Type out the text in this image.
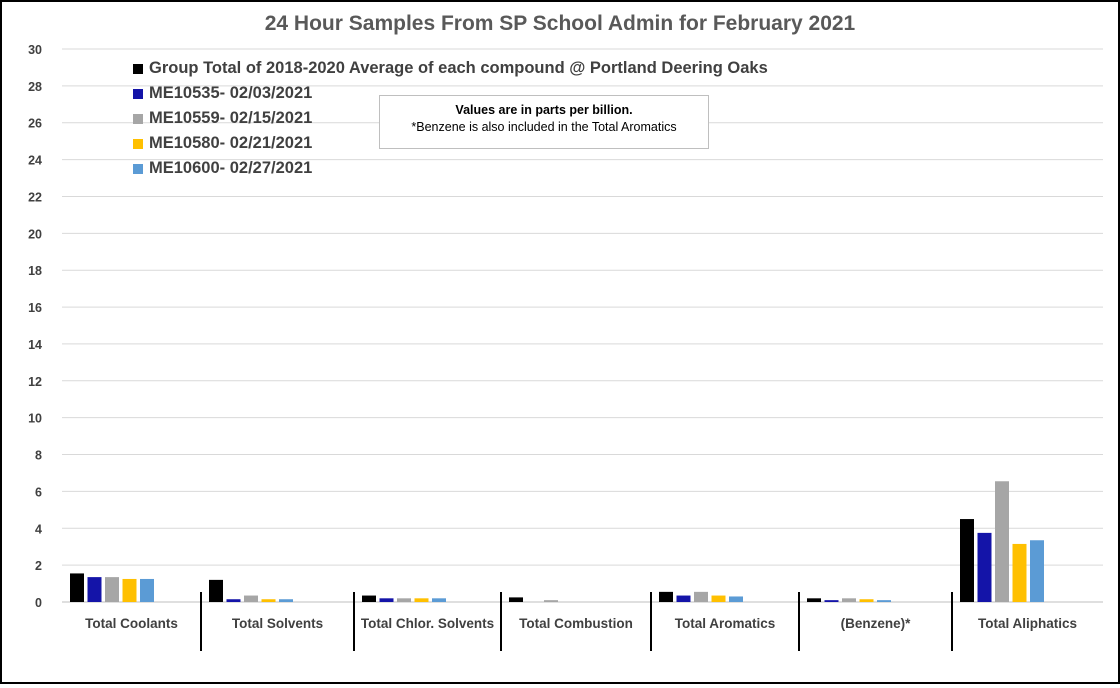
24 Hour Samples From SP School Admin for February 2021
0
2
4
6
8
10
12
14
16
18
20
22
24
26
28
30
Total Coolants	Total Solvents	Total Chlor. Solvents Total Combustion	Total Aromatics	(Benzene)*	Total Aliphatics
Group Total of 2018-2020 Average of each compound @ Portland Deering Oaks
ME10535- 02/03/2021
ME10559- 02/15/2021
ME10580- 02/21/2021
ME10600- 02/27/2021
Values are in parts per billion.
*Benzene is also included in the Total Aromatics
